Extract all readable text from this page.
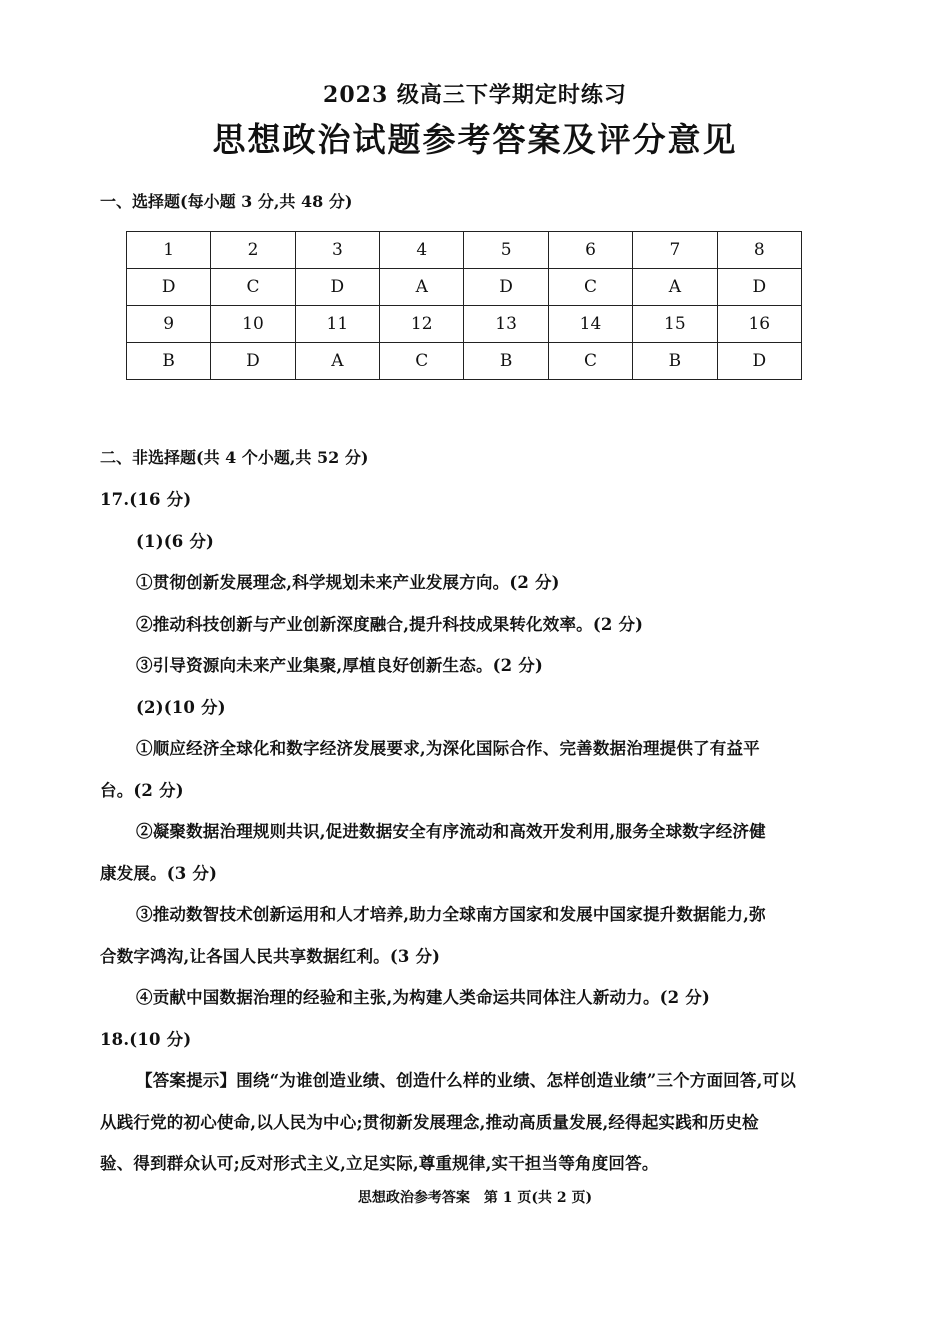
2023 级高三下学期定时练习
思想政治试题参考答案及评分意见
一、选择题(每小题 3 分,共 48 分)
1	2	3	4	5	6	7	8
D	C	D	A	D	C	A	D
9	10	11	12	13	14	15	16
B	D	A	C	B	C	B	D
二、非选择题(共 4 个小题,共 52 分)
17.(16 分)
(1)(6 分)
①贯彻创新发展理念,科学规划未来产业发展方向。(2 分)
②推动科技创新与产业创新深度融合,提升科技成果转化效率。(2 分)
③引导资源向未来产业集聚,厚植良好创新生态。(2 分)
(2)(10 分)
①顺应经济全球化和数字经济发展要求,为深化国际合作、完善数据治理提供了有益平
台。(2 分)
②凝聚数据治理规则共识,促进数据安全有序流动和高效开发利用,服务全球数字经济健
康发展。(3 分)
③推动数智技术创新运用和人才培养,助力全球南方国家和发展中国家提升数据能力,弥
合数字鸿沟,让各国人民共享数据红利。(3 分)
④贡献中国数据治理的经验和主张,为构建人类命运共同体注人新动力。(2 分)
18.(10 分)
【答案提示】围绕“为谁创造业绩、创造什么样的业绩、怎样创造业绩”三个方面回答,可以
从践行党的初心使命,以人民为中心;贯彻新发展理念,推动高质量发展,经得起实践和历史检
验、得到群众认可;反对形式主义,立足实际,尊重规律,实干担当等角度回答。
思想政治参考答案　第 1 页(共 2 页)
